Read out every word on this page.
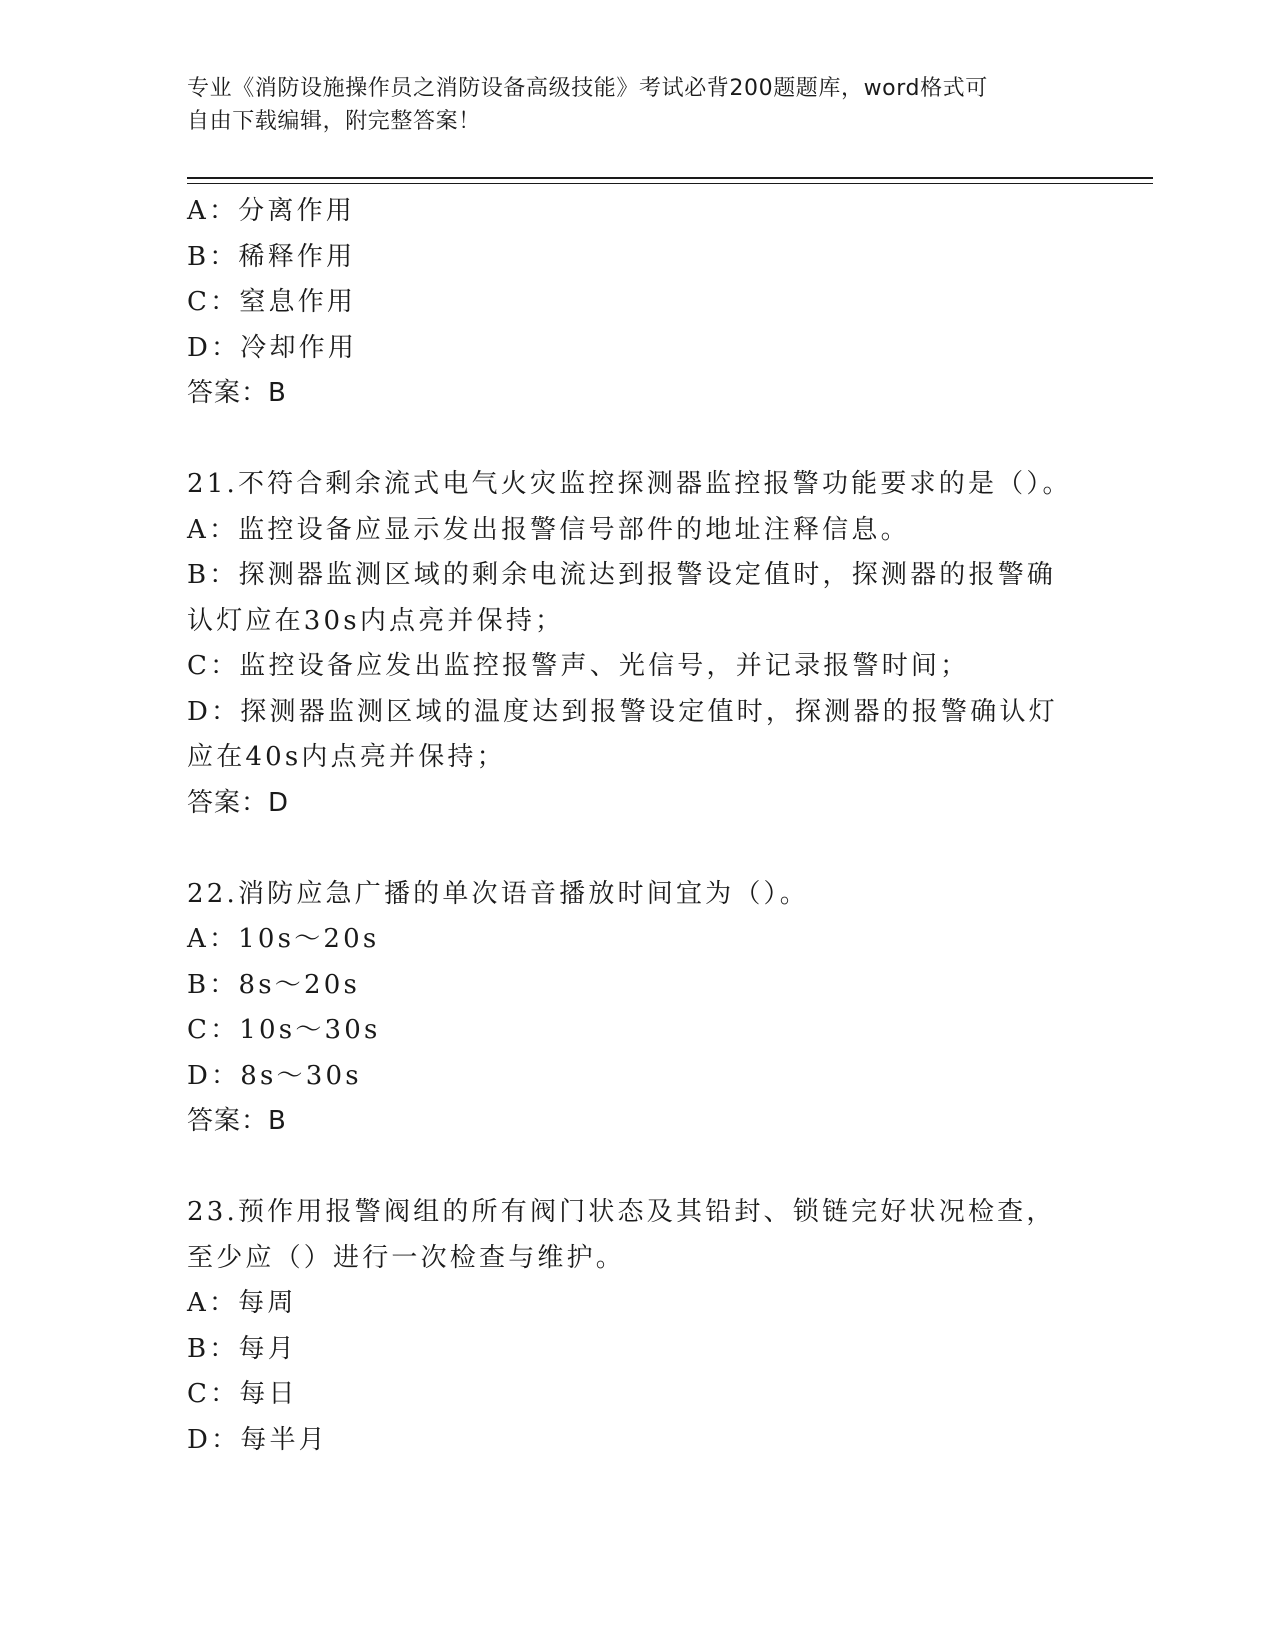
专业《消防设施操作员之消防设备高级技能》考试必背200题题库，word格式可
自由下载编辑，附完整答案！
A：分离作用
B：稀释作用
C：窒息作用
D：冷却作用
答案：B
21.不符合剩余流式电气火灾监控探测器监控报警功能要求的是（）。
A：监控设备应显示发出报警信号部件的地址注释信息。
B：探测器监测区域的剩余电流达到报警设定值时，探测器的报警确认灯应在30s内点亮并保持；
C：监控设备应发出监控报警声、光信号，并记录报警时间；
D：探测器监测区域的温度达到报警设定值时，探测器的报警确认灯应在40s内点亮并保持；
答案：D
22.消防应急广播的单次语音播放时间宜为（）。
A：10s～20s
B：8s～20s
C：10s～30s
D：8s～30s
答案：B
23.预作用报警阀组的所有阀门状态及其铅封、锁链完好状况检查，至少应（）进行一次检查与维护。
A：每周
B：每月
C：每日
D：每半月
